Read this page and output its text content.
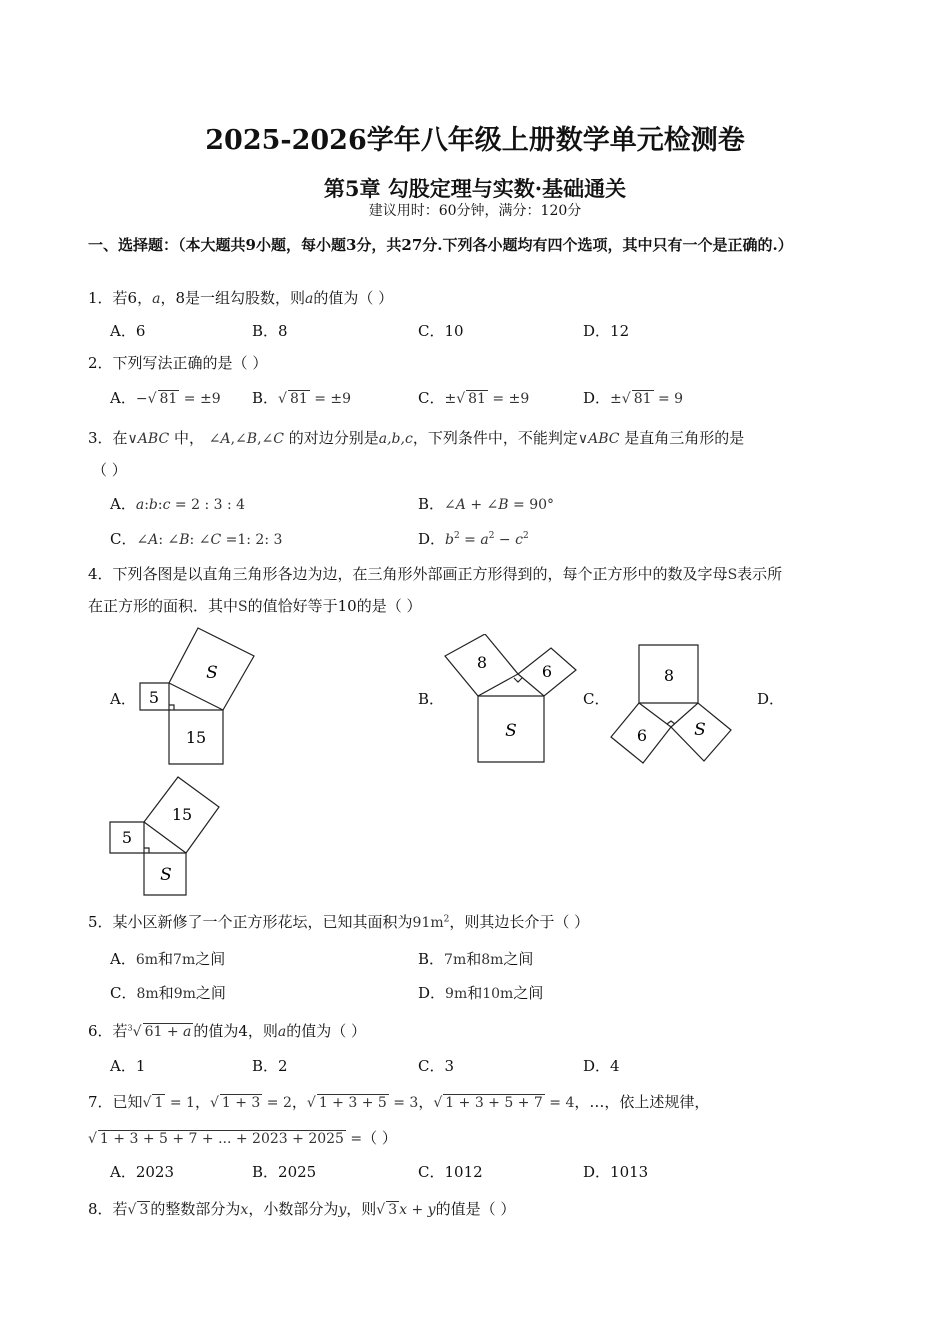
2025-2026学年八年级上册数学单元检测卷
第5章 勾股定理与实数·基础通关
建议用时：60分钟，满分：120分
一、选择题：（本大题共9小题，每小题3分，共27分.下列各小题均有四个选项，其中只有一个是正确的.）
1．若6，a，8是一组勾股数，则a的值为（ ）
A．6	B．8	C．10	D．12
2．下列写法正确的是（ ）
A．−√ 81 = ±9 B．√ 81 = ±9	C．±√ 81 = ±9	D．±√ 81 = 9
3．在∨ABC 中， ∠A,∠B,∠C 的对边分别是a,b,c，下列条件中，不能判定∨ABC 是直角三角形的是
（ ）
A．a:b:c = 2 : 3 : 4	B．∠A + ∠B = 90°
C．∠A: ∠B: ∠C =1: 2: 3	D．$b^2 = a^2 - c^2$
4．下列各图是以直角三角形各边为边，在三角形外部画正方形得到的，每个正方形中的数及字母S表示所
在正方形的面积．其中S的值恰好等于10的是（ ）
A．	B．	C．	D．
5
15
S
8	6
S
8
6	S
5
15
S
5．某小区新修了一个正方形花坛，已知其面积为$91m^2$，则其边长介于（ ）
A．6m和7m之间	B．7m和8m之间
C．8m和9m之间	D．9m和10m之间
6．若$^3$√ 61 + a 的值为4，则a的值为（ ）
A．1	B．2	C．3	D．4
7．已知√ 1 = 1，√ 1 + 3 = 2，√ 1 + 3 + 5 = 3，√ 1 + 3 + 5 + 7 = 4，…，依上述规律，
√ 1 + 3 + 5 + 7 + ... + 2023 + 2025 =（ ）
A．2023	B．2025	C．1012	D．1013
8．若√ 3 的整数部分为x，小数部分为y，则√ 3 x + y的值是（ ）
